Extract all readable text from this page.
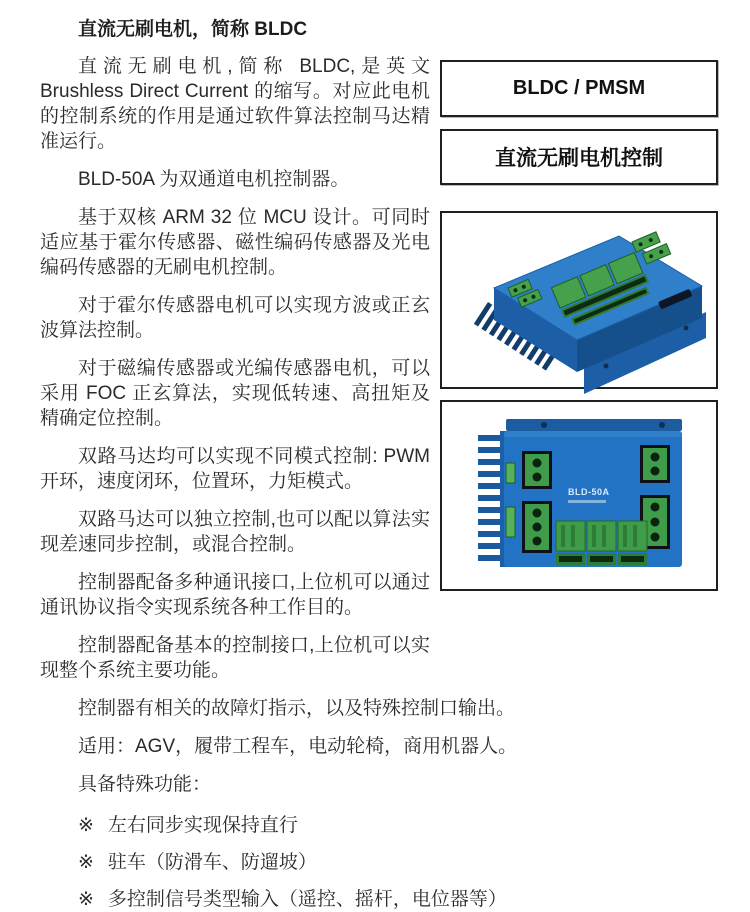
直流无刷电机，简称 BLDC
BLDC / PMSM
直流无刷电机控制
BLD-50A

直流无刷电机,简称 BLDC,是英文 Brushless Direct Current 的缩写。对应此电机的控制系统的作用是通过软件算法控制马达精准运行。

BLD-50A 为双通道电机控制器。

基于双核 ARM 32 位 MCU 设计。可同时适应基于霍尔传感器、磁性编码传感器及光电编码传感器的无刷电机控制。

对于霍尔传感器电机可以实现方波或正玄波算法控制。

对于磁编传感器或光编传感器电机，可以采用 FOC 正玄算法，实现低转速、高扭矩及精确定位控制。

双路马达均可以实现不同模式控制: PWM 开环，速度闭环，位置环，力矩模式。

双路马达可以独立控制,也可以配以算法实现差速同步控制，或混合控制。

控制器配备多种通讯接口,上位机可以通过通讯协议指令实现系统各种工作目的。

控制器配备基本的控制接口,上位机可以实现整个系统主要功能。

控制器有相关的故障灯指示，以及特殊控制口输出。

适用：AGV，履带工程车，电动轮椅，商用机器人。

具备特殊功能：

※ 左右同步实现保持直行
※ 驻车（防滑车、防遛坡）
※ 多控制信号类型输入（遥控、摇杆，电位器等）
